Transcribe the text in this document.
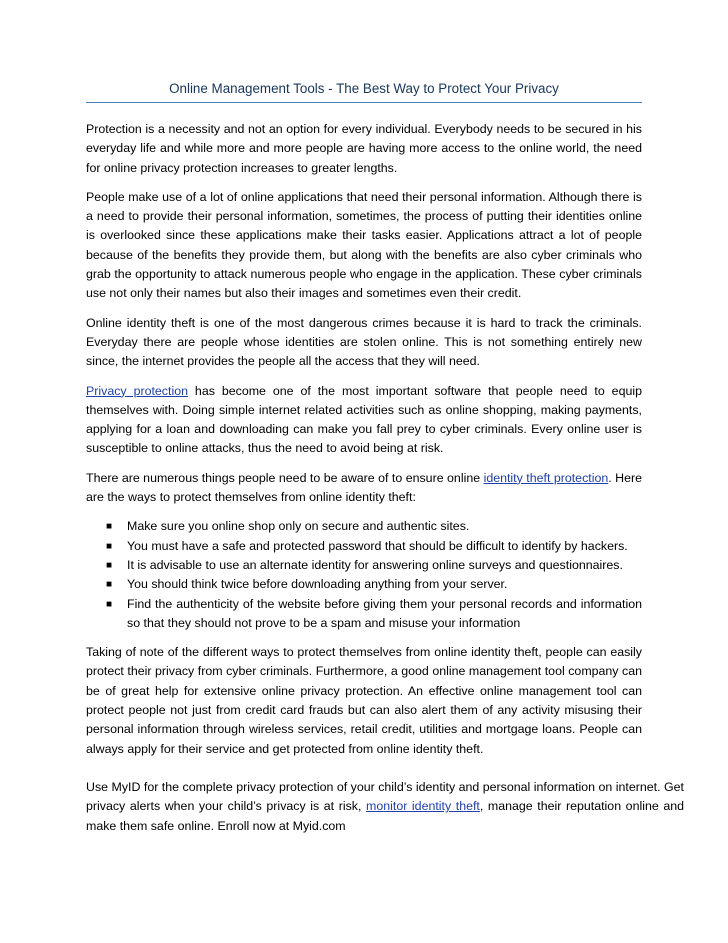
Online Management Tools - The Best Way to Protect Your Privacy

Protection is a necessity and not an option for every individual. Everybody needs to be secured in his everyday life and while more and more people are having more access to the online world, the need for online privacy protection increases to greater lengths.

People make use of a lot of online applications that need their personal information. Although there is a need to provide their personal information, sometimes, the process of putting their identities online is overlooked since these applications make their tasks easier. Applications attract a lot of people because of the benefits they provide them, but along with the benefits are also cyber criminals who grab the opportunity to attack numerous people who engage in the application. These cyber criminals use not only their names but also their images and sometimes even their credit.

Online identity theft is one of the most dangerous crimes because it is hard to track the criminals. Everyday there are people whose identities are stolen online. This is not something entirely new since, the internet provides the people all the access that they will need.

Privacy protection has become one of the most important software that people need to equip themselves with. Doing simple internet related activities such as online shopping, making payments, applying for a loan and downloading can make you fall prey to cyber criminals. Every online user is susceptible to online attacks, thus the need to avoid being at risk.

There are numerous things people need to be aware of to ensure online identity theft protection. Here are the ways to protect themselves from online identity theft:

■ Make sure you online shop only on secure and authentic sites.
■ You must have a safe and protected password that should be difficult to identify by hackers.
■ It is advisable to use an alternate identity for answering online surveys and questionnaires.
■ You should think twice before downloading anything from your server.
■ Find the authenticity of the website before giving them your personal records and information so that they should not prove to be a spam and misuse your information

Taking of note of the different ways to protect themselves from online identity theft, people can easily protect their privacy from cyber criminals. Furthermore, a good online management tool company can be of great help for extensive online privacy protection. An effective online management tool can protect people not just from credit card frauds but can also alert them of any activity misusing their personal information through wireless services, retail credit, utilities and mortgage loans. People can always apply for their service and get protected from online identity theft.

Use MyID for the complete privacy protection of your child’s identity and personal information on internet. Get privacy alerts when your child’s privacy is at risk, monitor identity theft, manage their reputation online and make them safe online. Enroll now at Myid.com
